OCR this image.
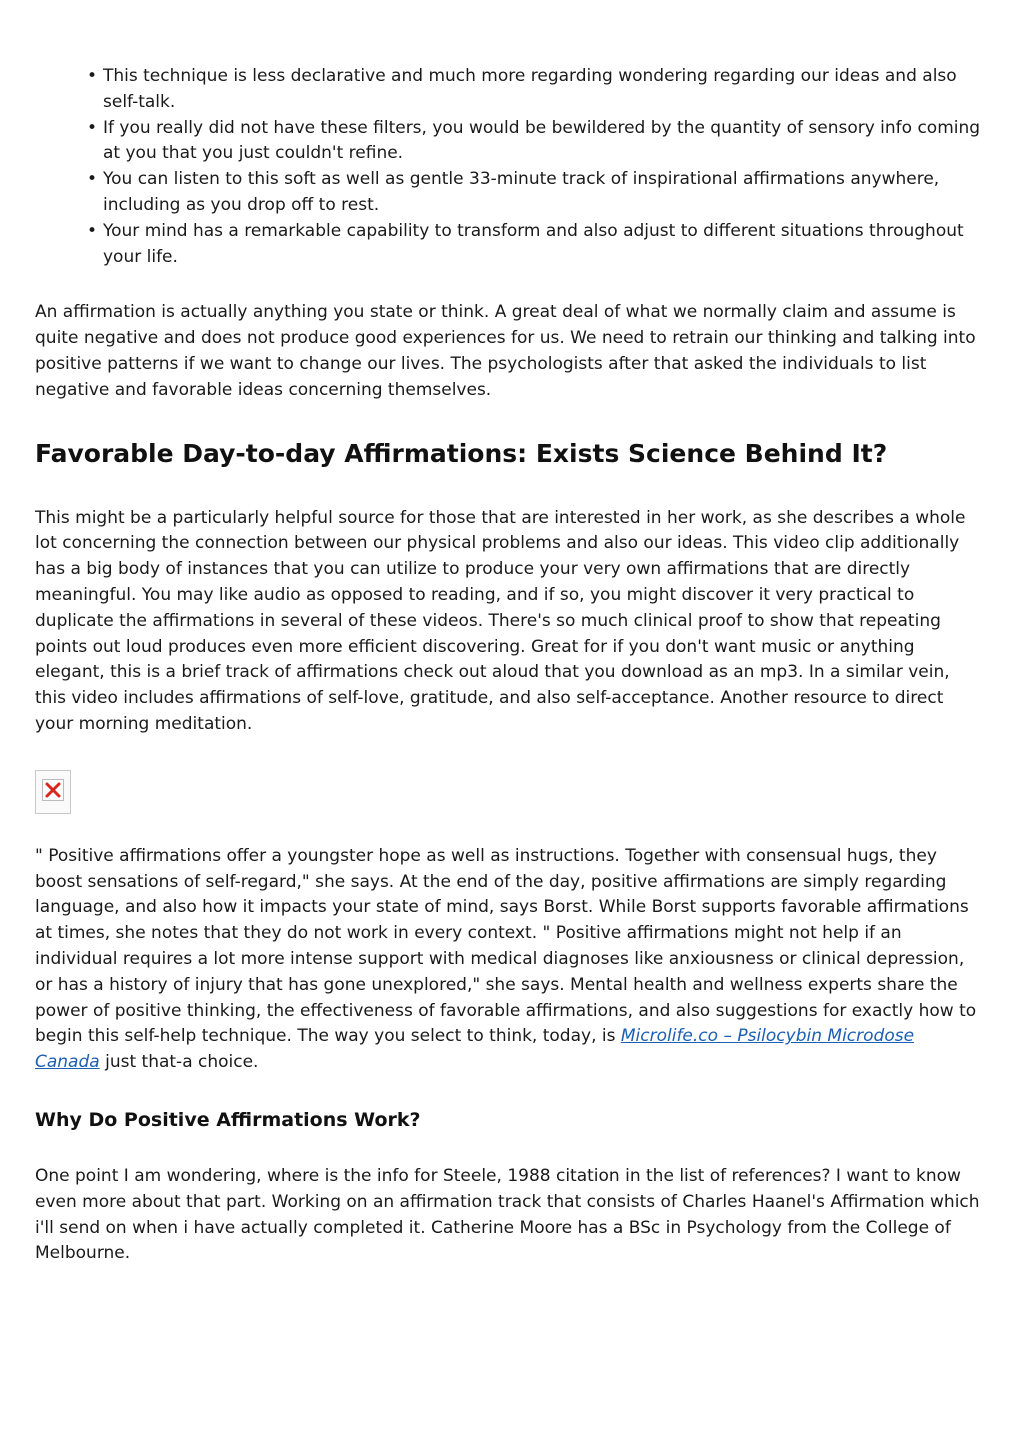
• This technique is less declarative and much more regarding wondering regarding our ideas and also self-talk.
• If you really did not have these filters, you would be bewildered by the quantity of sensory info coming at you that you just couldn't refine.
• You can listen to this soft as well as gentle 33-minute track of inspirational affirmations anywhere, including as you drop off to rest.
• Your mind has a remarkable capability to transform and also adjust to different situations throughout your life.

An affirmation is actually anything you state or think. A great deal of what we normally claim and assume is quite negative and does not produce good experiences for us. We need to retrain our thinking and talking into positive patterns if we want to change our lives. The psychologists after that asked the individuals to list negative and favorable ideas concerning themselves.

Favorable Day-to-day Affirmations: Exists Science Behind It?

This might be a particularly helpful source for those that are interested in her work, as she describes a whole lot concerning the connection between our physical problems and also our ideas. This video clip additionally has a big body of instances that you can utilize to produce your very own affirmations that are directly meaningful. You may like audio as opposed to reading, and if so, you might discover it very practical to duplicate the affirmations in several of these videos. There's so much clinical proof to show that repeating points out loud produces even more efficient discovering. Great for if you don't want music or anything elegant, this is a brief track of affirmations check out aloud that you download as an mp3. In a similar vein, this video includes affirmations of self-love, gratitude, and also self-acceptance. Another resource to direct your morning meditation.

" Positive affirmations offer a youngster hope as well as instructions. Together with consensual hugs, they boost sensations of self-regard," she says. At the end of the day, positive affirmations are simply regarding language, and also how it impacts your state of mind, says Borst. While Borst supports favorable affirmations at times, she notes that they do not work in every context. " Positive affirmations might not help if an individual requires a lot more intense support with medical diagnoses like anxiousness or clinical depression, or has a history of injury that has gone unexplored," she says. Mental health and wellness experts share the power of positive thinking, the effectiveness of favorable affirmations, and also suggestions for exactly how to begin this self-help technique. The way you select to think, today, is Microlife.co – Psilocybin Microdose Canada just that-a choice.

Why Do Positive Affirmations Work?

One point I am wondering, where is the info for Steele, 1988 citation in the list of references? I want to know even more about that part. Working on an affirmation track that consists of Charles Haanel's Affirmation which i'll send on when i have actually completed it. Catherine Moore has a BSc in Psychology from the College of Melbourne.
